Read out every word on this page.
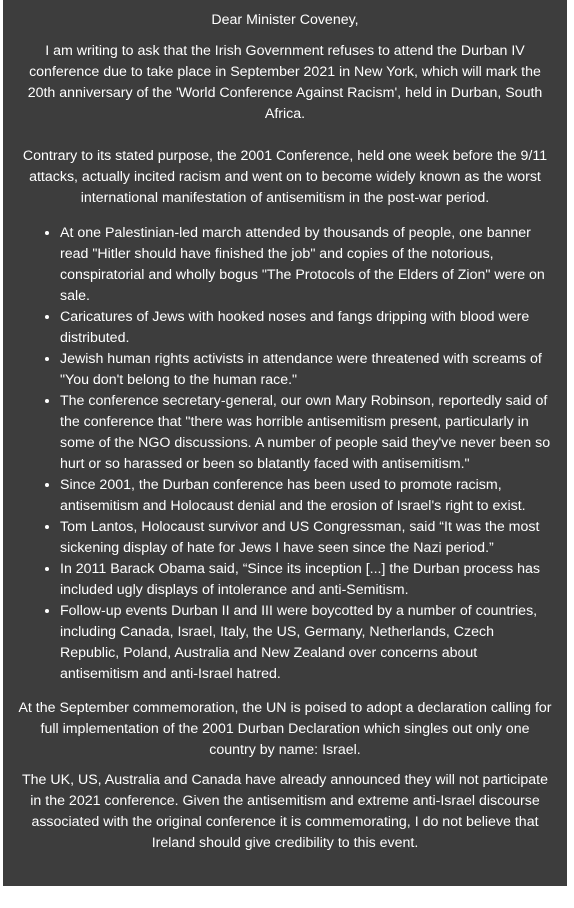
Dear Minister Coveney,

I am writing to ask that the Irish Government refuses to attend the Durban IV conference due to take place in September 2021 in New York, which will mark the 20th anniversary of the 'World Conference Against Racism', held in Durban, South Africa.

Contrary to its stated purpose, the 2001 Conference, held one week before the 9/11 attacks, actually incited racism and went on to become widely known as the worst international manifestation of antisemitism in the post-war period.

• At one Palestinian-led march attended by thousands of people, one banner read "Hitler should have finished the job" and copies of the notorious, conspiratorial and wholly bogus "The Protocols of the Elders of Zion" were on sale.
• Caricatures of Jews with hooked noses and fangs dripping with blood were distributed.
• Jewish human rights activists in attendance were threatened with screams of "You don't belong to the human race."
• The conference secretary-general, our own Mary Robinson, reportedly said of the conference that "there was horrible antisemitism present, particularly in some of the NGO discussions. A number of people said they've never been so hurt or so harassed or been so blatantly faced with antisemitism."
• Since 2001, the Durban conference has been used to promote racism, antisemitism and Holocaust denial and the erosion of Israel's right to exist.
• Tom Lantos, Holocaust survivor and US Congressman, said “It was the most sickening display of hate for Jews I have seen since the Nazi period.”
• In 2011 Barack Obama said, “Since its inception [...] the Durban process has included ugly displays of intolerance and anti-Semitism.
• Follow-up events Durban II and III were boycotted by a number of countries, including Canada, Israel, Italy, the US, Germany, Netherlands, Czech Republic, Poland, Australia and New Zealand over concerns about antisemitism and anti-Israel hatred.

At the September commemoration, the UN is poised to adopt a declaration calling for full implementation of the 2001 Durban Declaration which singles out only one country by name: Israel.

The UK, US, Australia and Canada have already announced they will not participate in the 2021 conference. Given the antisemitism and extreme anti-Israel discourse associated with the original conference it is commemorating, I do not believe that Ireland should give credibility to this event.
